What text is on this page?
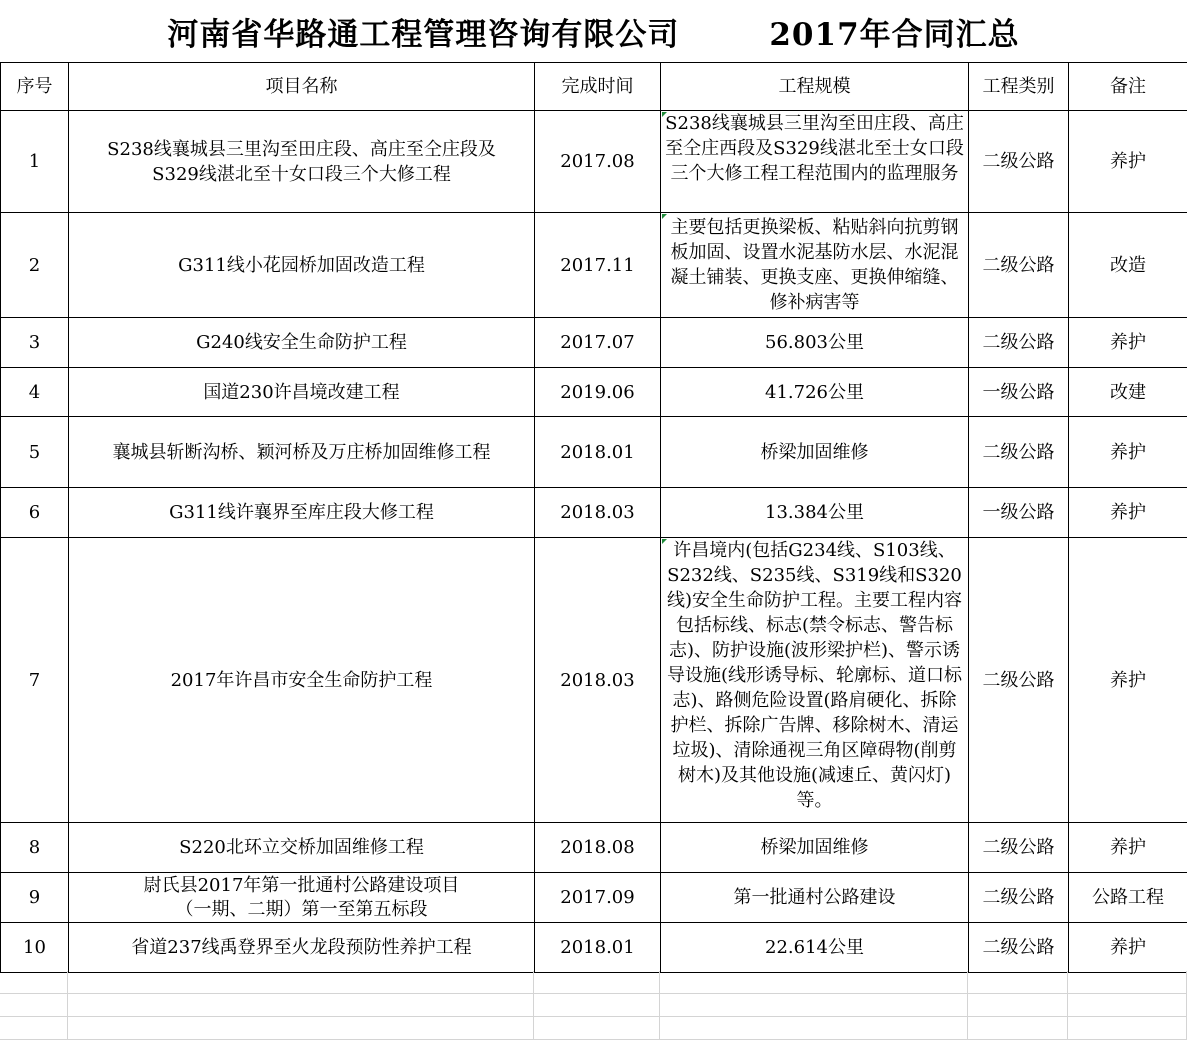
河南省华路通工程管理咨询有限公司	2017年合同汇总
序号	项目名称	完成时间	工程规模	工程类别	备注
1	S238线襄城县三里沟至田庄段、高庄至仝庄段及S329线湛北至十女口段三个大修工程	2017.08	S238线襄城县三里沟至田庄段、高庄至仝庄西段及S329线湛北至士女口段三个大修工程工程范围内的监理服务	二级公路	养护
2	G311线小花园桥加固改造工程	2017.11	主要包括更换梁板、粘贴斜向抗剪钢板加固、设置水泥基防水层、水泥混凝土铺装、更换支座、更换伸缩缝、修补病害等	二级公路	改造
3	G240线安全生命防护工程	2017.07	56.803公里	二级公路	养护
4	国道230许昌境改建工程	2019.06	41.726公里	一级公路	改建
5	襄城县斩断沟桥、颖河桥及万庄桥加固维修工程	2018.01	桥梁加固维修	二级公路	养护
6	G311线许襄界至库庄段大修工程	2018.03	13.384公里	一级公路	养护
7	2017年许昌市安全生命防护工程	2018.03	许昌境内(包括G234线、S103线、S232线、S235线、S319线和S320线)安全生命防护工程。主要工程内容包括标线、标志(禁令标志、警告标志)、防护设施(波形梁护栏)、警示诱导设施(线形诱导标、轮廓标、道口标志)、路侧危险设置(路肩硬化、拆除护栏、拆除广告牌、移除树木、清运垃圾)、清除通视三角区障碍物(削剪树木)及其他设施(减速丘、黄闪灯)等。	二级公路	养护
8	S220北环立交桥加固维修工程	2018.08	桥梁加固维修	二级公路	养护
9	尉氏县2017年第一批通村公路建设项目（一期、二期）第一至第五标段	2017.09	第一批通村公路建设	二级公路	公路工程
10	省道237线禹登界至火龙段预防性养护工程	2018.01	22.614公里	二级公路	养护
